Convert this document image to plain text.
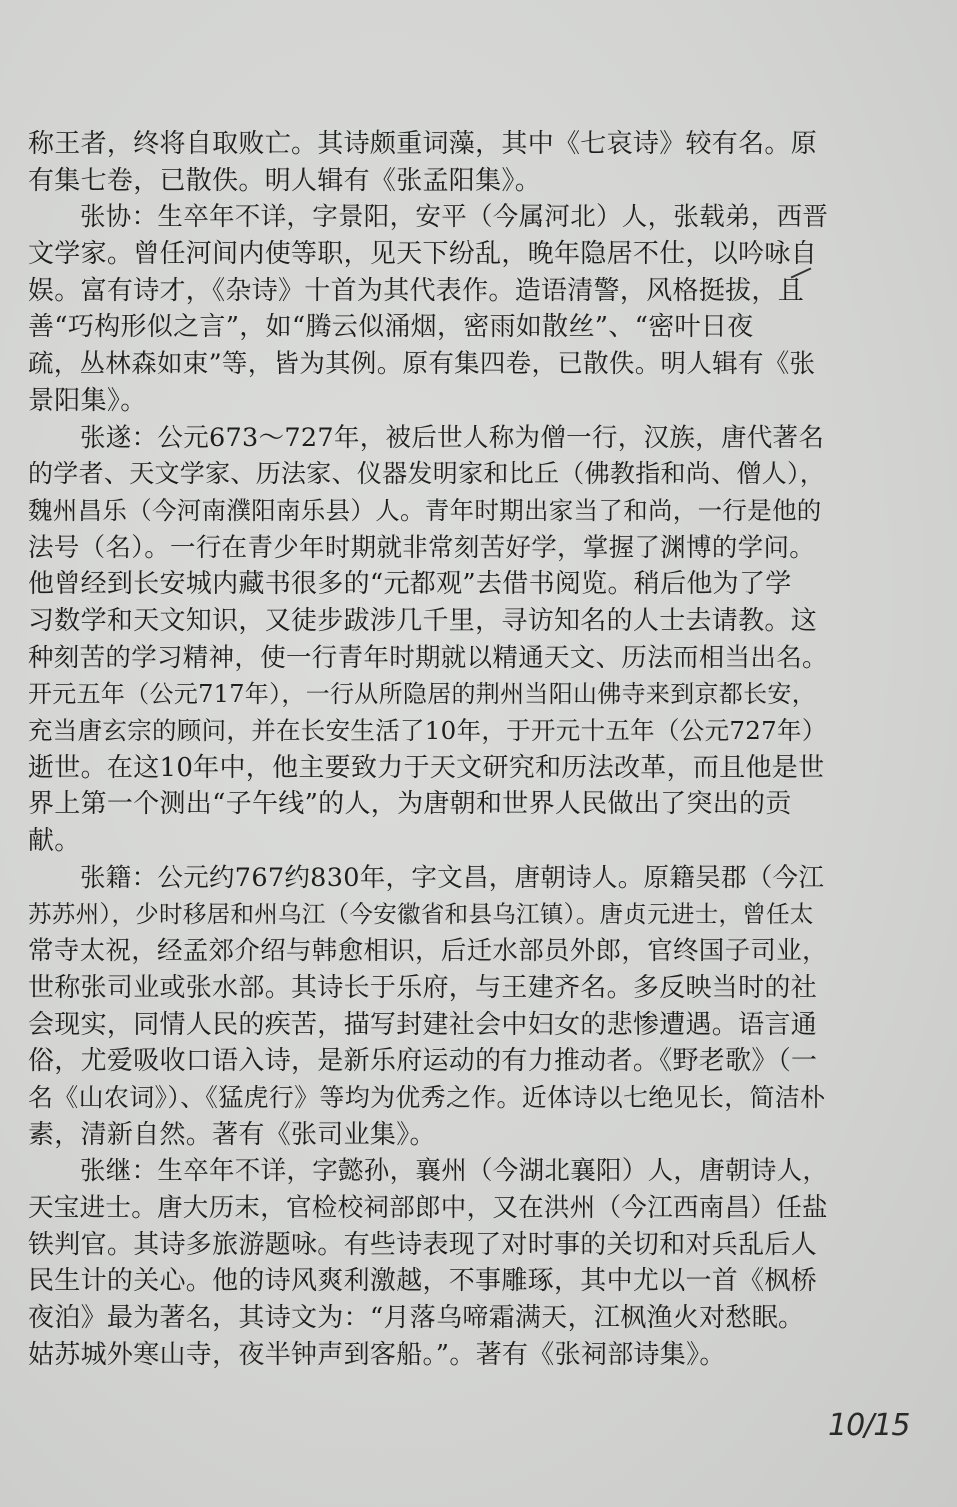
称王者，终将自取败亡。其诗颇重词藻，其中《七哀诗》较有名。原
有集七卷，已散佚。明人辑有《张孟阳集》。
张协：生卒年不详，字景阳，安平（今属河北）人，张载弟，西晋
文学家。曾任河间内使等职，见天下纷乱，晚年隐居不仕，以吟咏自
娱。富有诗才，《杂诗》十首为其代表作。造语清警，风格挺拔，且
善“巧构形似之言”，如“腾云似涌烟，密雨如散丝”、“密叶日夜
疏，丛林森如束”等，皆为其例。原有集四卷，已散佚。明人辑有《张
景阳集》。
张遂：公元673～727年，被后世人称为僧一行，汉族，唐代著名
的学者、天文学家、历法家、仪器发明家和比丘（佛教指和尚、僧人），
魏州昌乐（今河南濮阳南乐县）人。青年时期出家当了和尚，一行是他的
法号（名）。一行在青少年时期就非常刻苦好学，掌握了渊博的学问。
他曾经到长安城内藏书很多的“元都观”去借书阅览。稍后他为了学
习数学和天文知识，又徒步跋涉几千里，寻访知名的人士去请教。这
种刻苦的学习精神，使一行青年时期就以精通天文、历法而相当出名。
开元五年（公元717年），一行从所隐居的荆州当阳山佛寺来到京都长安，
充当唐玄宗的顾问，并在长安生活了10年，于开元十五年（公元727年）
逝世。在这10年中，他主要致力于天文研究和历法改革，而且他是世
界上第一个测出“子午线”的人，为唐朝和世界人民做出了突出的贡
献。
张籍：公元约767约830年，字文昌，唐朝诗人。原籍吴郡（今江
苏苏州），少时移居和州乌江（今安徽省和县乌江镇）。唐贞元进士，曾任太
常寺太祝，经孟郊介绍与韩愈相识，后迁水部员外郎，官终国子司业，
世称张司业或张水部。其诗长于乐府，与王建齐名。多反映当时的社
会现实，同情人民的疾苦，描写封建社会中妇女的悲惨遭遇。语言通
俗，尤爱吸收口语入诗，是新乐府运动的有力推动者。《野老歌》（一
名《山农词》）、《猛虎行》等均为优秀之作。近体诗以七绝见长，简洁朴
素，清新自然。著有《张司业集》。
张继：生卒年不详，字懿孙，襄州（今湖北襄阳）人，唐朝诗人，
天宝进士。唐大历末，官检校祠部郎中，又在洪州（今江西南昌）任盐
铁判官。其诗多旅游题咏。有些诗表现了对时事的关切和对兵乱后人
民生计的关心。他的诗风爽利激越，不事雕琢，其中尤以一首《枫桥
夜泊》最为著名，其诗文为：“月落乌啼霜满天，江枫渔火对愁眠。
姑苏城外寒山寺，夜半钟声到客船。”。著有《张祠部诗集》。
10/15
